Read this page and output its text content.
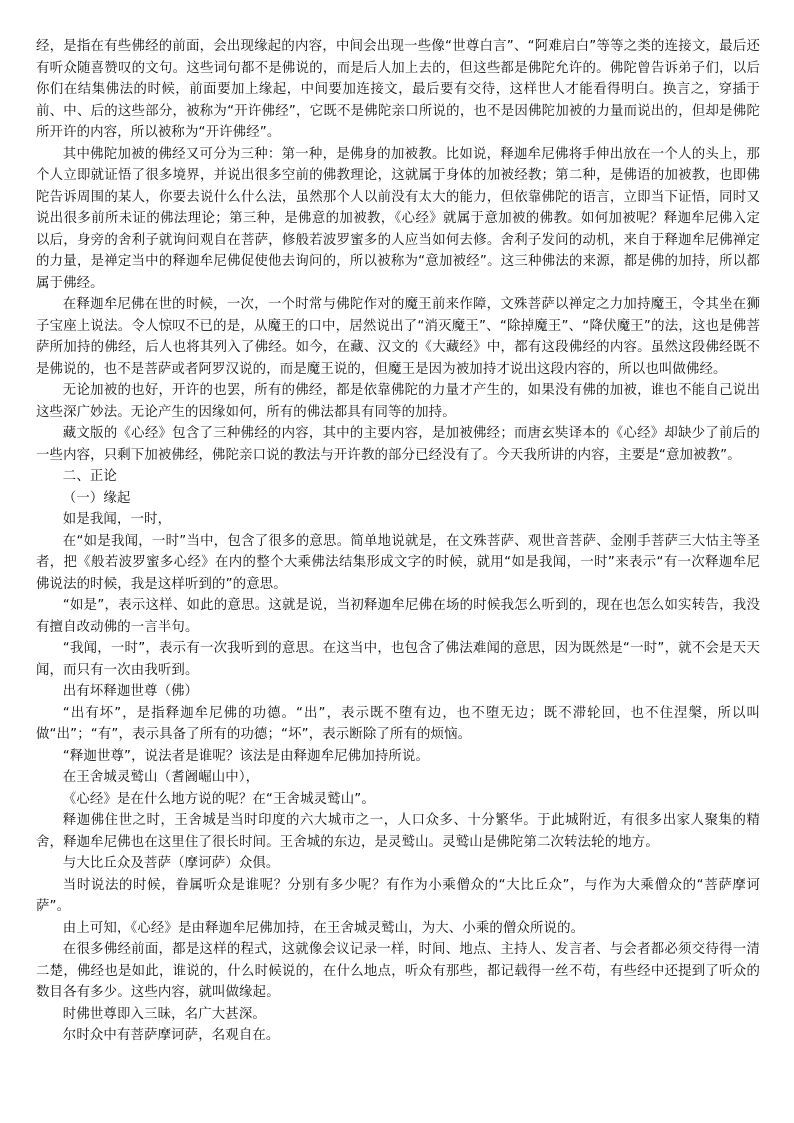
经，是指在有些佛经的前面，会出现缘起的内容，中间会出现一些像“世尊白言”、“阿难启白”等等之类的连接文，最后还有听众随喜赞叹的文句。这些词句都不是佛说的，而是后人加上去的，但这些都是佛陀允许的。佛陀曾告诉弟子们，以后你们在结集佛法的时候，前面要加上缘起，中间要加连接文，最后要有交待，这样世人才能看得明白。换言之，穿插于前、中、后的这些部分，被称为“开许佛经”，它既不是佛陀亲口所说的，也不是因佛陀加被的力量而说出的，但却是佛陀所开许的内容，所以被称为“开许佛经”。

其中佛陀加被的佛经又可分为三种：第一种，是佛身的加被教。比如说，释迦牟尼佛将手伸出放在一个人的头上，那个人立即就证悟了很多境界，并说出很多空前的佛教理论，这就属于身体的加被经教；第二种，是佛语的加被教，也即佛陀告诉周围的某人，你要去说什么什么法，虽然那个人以前没有太大的能力，但依靠佛陀的语言，立即当下证悟，同时又说出很多前所未证的佛法理论；第三种，是佛意的加被教，《心经》就属于意加被的佛教。如何加被呢？释迦牟尼佛入定以后，身旁的舍利子就询问观自在菩萨，修般若波罗蜜多的人应当如何去修。舍利子发问的动机，来自于释迦牟尼佛禅定的力量，是禅定当中的释迦牟尼佛促使他去询问的，所以被称为“意加被经”。这三种佛法的来源，都是佛的加持，所以都属于佛经。

在释迦牟尼佛在世的时候，一次，一个时常与佛陀作对的魔王前来作障，文殊菩萨以禅定之力加持魔王，令其坐在狮子宝座上说法。令人惊叹不已的是，从魔王的口中，居然说出了“消灭魔王”、“除掉魔王”、“降伏魔王”的法，这也是佛菩萨所加持的佛经，后人也将其列入了佛经。如今，在藏、汉文的《大藏经》中，都有这段佛经的内容。虽然这段佛经既不是佛说的，也不是菩萨或者阿罗汉说的，而是魔王说的，但魔王是因为被加持才说出这段内容的，所以也叫做佛经。

无论加被的也好，开许的也罢，所有的佛经，都是依靠佛陀的力量才产生的，如果没有佛的加被，谁也不能自己说出这些深广妙法。无论产生的因缘如何，所有的佛法都具有同等的加持。

藏文版的《心经》包含了三种佛经的内容，其中的主要内容，是加被佛经；而唐玄奘译本的《心经》却缺少了前后的一些内容，只剩下加被佛经，佛陀亲口说的教法与开许教的部分已经没有了。今天我所讲的内容，主要是“意加被教”。

二、正论

（一）缘起

如是我闻，一时，

在“如是我闻，一时”当中，包含了很多的意思。简单地说就是，在文殊菩萨、观世音菩萨、金刚手菩萨三大怙主等圣者，把《般若波罗蜜多心经》在内的整个大乘佛法结集形成文字的时候，就用“如是我闻，一时”来表示“有一次释迦牟尼佛说法的时候，我是这样听到的”的意思。

“如是”，表示这样、如此的意思。这就是说，当初释迦牟尼佛在场的时候我怎么听到的，现在也怎么如实转告，我没有擅自改动佛的一言半句。

“我闻，一时”，表示有一次我听到的意思。在这当中，也包含了佛法难闻的意思，因为既然是“一时”，就不会是天天闻，而只有一次由我听到。

出有坏释迦世尊（佛）

“出有坏”，是指释迦牟尼佛的功德。“出”，表示既不堕有边，也不堕无边；既不滞轮回，也不住涅槃，所以叫做“出”；“有”，表示具备了所有的功德；“坏”，表示断除了所有的烦恼。

“释迦世尊”，说法者是谁呢？该法是由释迦牟尼佛加持所说。

在王舍城灵鹫山（耆阇崛山中），

《心经》是在什么地方说的呢？在“王舍城灵鹫山”。

释迦佛住世之时，王舍城是当时印度的六大城市之一，人口众多、十分繁华。于此城附近，有很多出家人聚集的精舍，释迦牟尼佛也在这里住了很长时间。王舍城的东边，是灵鹫山。灵鹫山是佛陀第二次转法轮的地方。

与大比丘众及菩萨（摩诃萨）众俱。

当时说法的时候，眷属听众是谁呢？分别有多少呢？有作为小乘僧众的“大比丘众”，与作为大乘僧众的“菩萨摩诃萨”。

由上可知，《心经》是由释迦牟尼佛加持，在王舍城灵鹫山，为大、小乘的僧众所说的。

在很多佛经前面，都是这样的程式，这就像会议记录一样，时间、地点、主持人、发言者、与会者都必须交待得一清二楚，佛经也是如此，谁说的，什么时候说的，在什么地点，听众有那些，都记载得一丝不苟，有些经中还提到了听众的数目各有多少。这些内容，就叫做缘起。

时佛世尊即入三昧，名广大甚深。

尔时众中有菩萨摩诃萨，名观自在。
